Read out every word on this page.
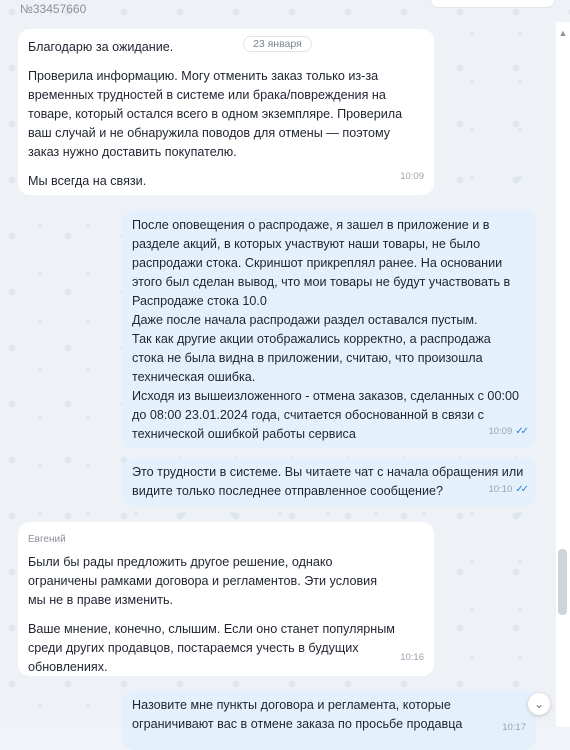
№33457660

Благодарю за ожидание.

Проверила информацию. Могу отменить заказ только из-за временных трудностей в системе или брака/повреждения на товаре, который остался всего в одном экземпляре. Проверила ваш случай и не обнаружила поводов для отмены — поэтому заказ нужно доставить покупателю.

Мы всегда на связи.	10:09
23 января
После оповещения о распродаже, я зашел в приложение и в
разделе акций, в которых участвуют наши товары, не было
распродажи стока. Скриншот прикреплял ранее. На основании
этого был сделан вывод, что мои товары не будут участвовать в
Распродаже стока 10.0
Даже после начала распродажи раздел оставался пустым.
Так как другие акции отображались корректно, а распродажа
стока не была видна в приложении, считаю, что произошла
техническая ошибка.
Исходя из вышеизложенного - отмена заказов, сделанных с 00:00
до 08:00 23.01.2024 года, считается обоснованной в связи с
технической ошибкой работы сервиса	10:09 ✓✓
Это трудности в системе. Вы читаете чат с начала обращения или
видите только последнее отправленное сообщение?	10:10 ✓✓
Евгений

Были бы рады предложить другое решение, однако ограничены рамками договора и регламентов. Эти условия мы не в праве изменить.

Ваше мнение, конечно, слышим. Если оно станет популярным среди других продавцов, постараемся учесть в будущих обновлениях.

10:16
Назовите мне пункты договора и регламента, которые
ограничивают вас в отмене заказа по просьбе продавца	10:17
▲
⌄
